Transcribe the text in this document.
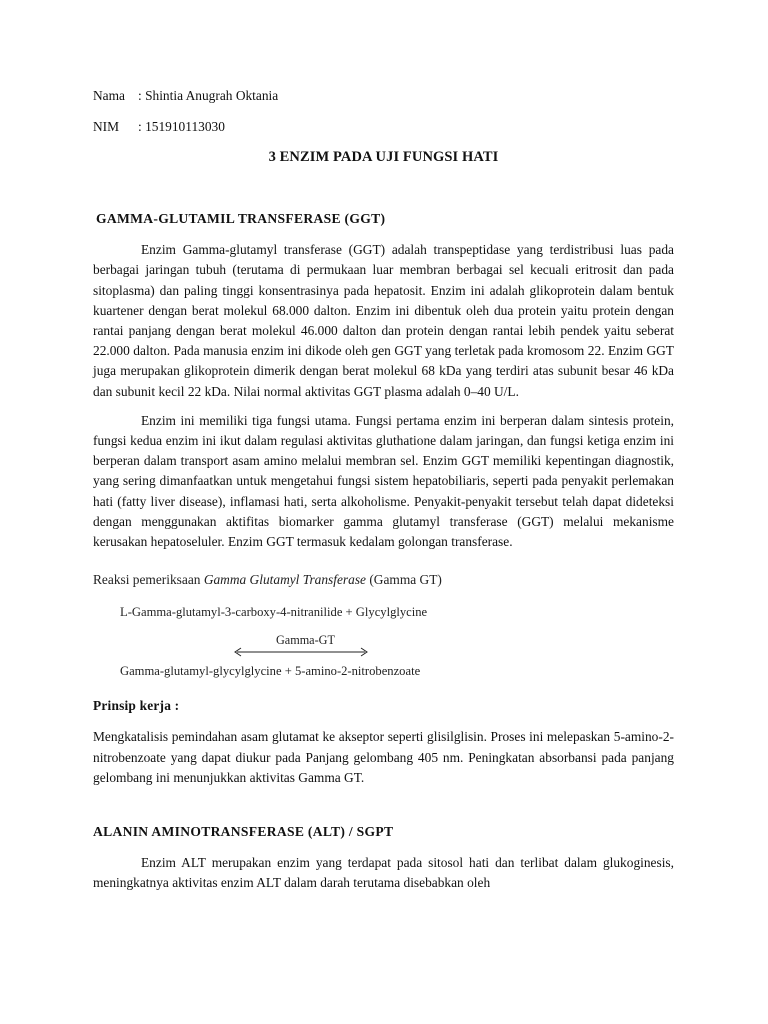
Nama : Shintia Anugrah Oktania
NIM	: 151910113030
3 ENZIM PADA UJI FUNGSI HATI
GAMMA-GLUTAMIL TRANSFERASE (GGT)

Enzim Gamma-glutamyl transferase (GGT) adalah transpeptidase yang terdistribusi luas pada berbagai jaringan tubuh (terutama di permukaan luar membran berbagai sel kecuali eritrosit dan pada sitoplasma) dan paling tinggi konsentrasinya pada hepatosit. Enzim ini adalah glikoprotein dalam bentuk kuartener dengan berat molekul 68.000 dalton. Enzim ini dibentuk oleh dua protein yaitu protein dengan rantai panjang dengan berat molekul 46.000 dalton dan protein dengan rantai lebih pendek yaitu seberat 22.000 dalton. Pada manusia enzim ini dikode oleh gen GGT yang terletak pada kromosom 22. Enzim GGT juga merupakan glikoprotein dimerik dengan berat molekul 68 kDa yang terdiri atas subunit besar 46 kDa dan subunit kecil 22 kDa. Nilai normal aktivitas GGT plasma adalah 0–40 U/L.

Enzim ini memiliki tiga fungsi utama. Fungsi pertama enzim ini berperan dalam sintesis protein, fungsi kedua enzim ini ikut dalam regulasi aktivitas gluthatione dalam jaringan, dan fungsi ketiga enzim ini berperan dalam transport asam amino melalui membran sel. Enzim GGT memiliki kepentingan diagnostik, yang sering dimanfaatkan untuk mengetahui fungsi sistem hepatobiliaris, seperti pada penyakit perlemakan hati (fatty liver disease), inflamasi hati, serta alkoholisme. Penyakit-penyakit tersebut telah dapat dideteksi dengan menggunakan aktifitas biomarker gamma glutamyl transferase (GGT) melalui mekanisme kerusakan hepatoseluler. Enzim GGT termasuk kedalam golongan transferase.

Reaksi pemeriksaan Gamma Glutamyl Transferase (Gamma GT)
L-Gamma-glutamyl-3-carboxy-4-nitranilide + Glycylglycine
Gamma-GT
Gamma-glutamyl-glycylglycine + 5-amino-2-nitrobenzoate
Prinsip kerja :

Mengkatalisis pemindahan asam glutamat ke akseptor seperti glisilglisin. Proses ini melepaskan 5-amino-2-nitrobenzoate yang dapat diukur pada Panjang gelombang 405 nm. Peningkatan absorbansi pada panjang gelombang ini menunjukkan aktivitas Gamma GT.

ALANIN AMINOTRANSFERASE (ALT) / SGPT

Enzim ALT merupakan enzim yang terdapat pada sitosol hati dan terlibat dalam glukoginesis, meningkatnya aktivitas enzim ALT dalam darah terutama disebabkan oleh
